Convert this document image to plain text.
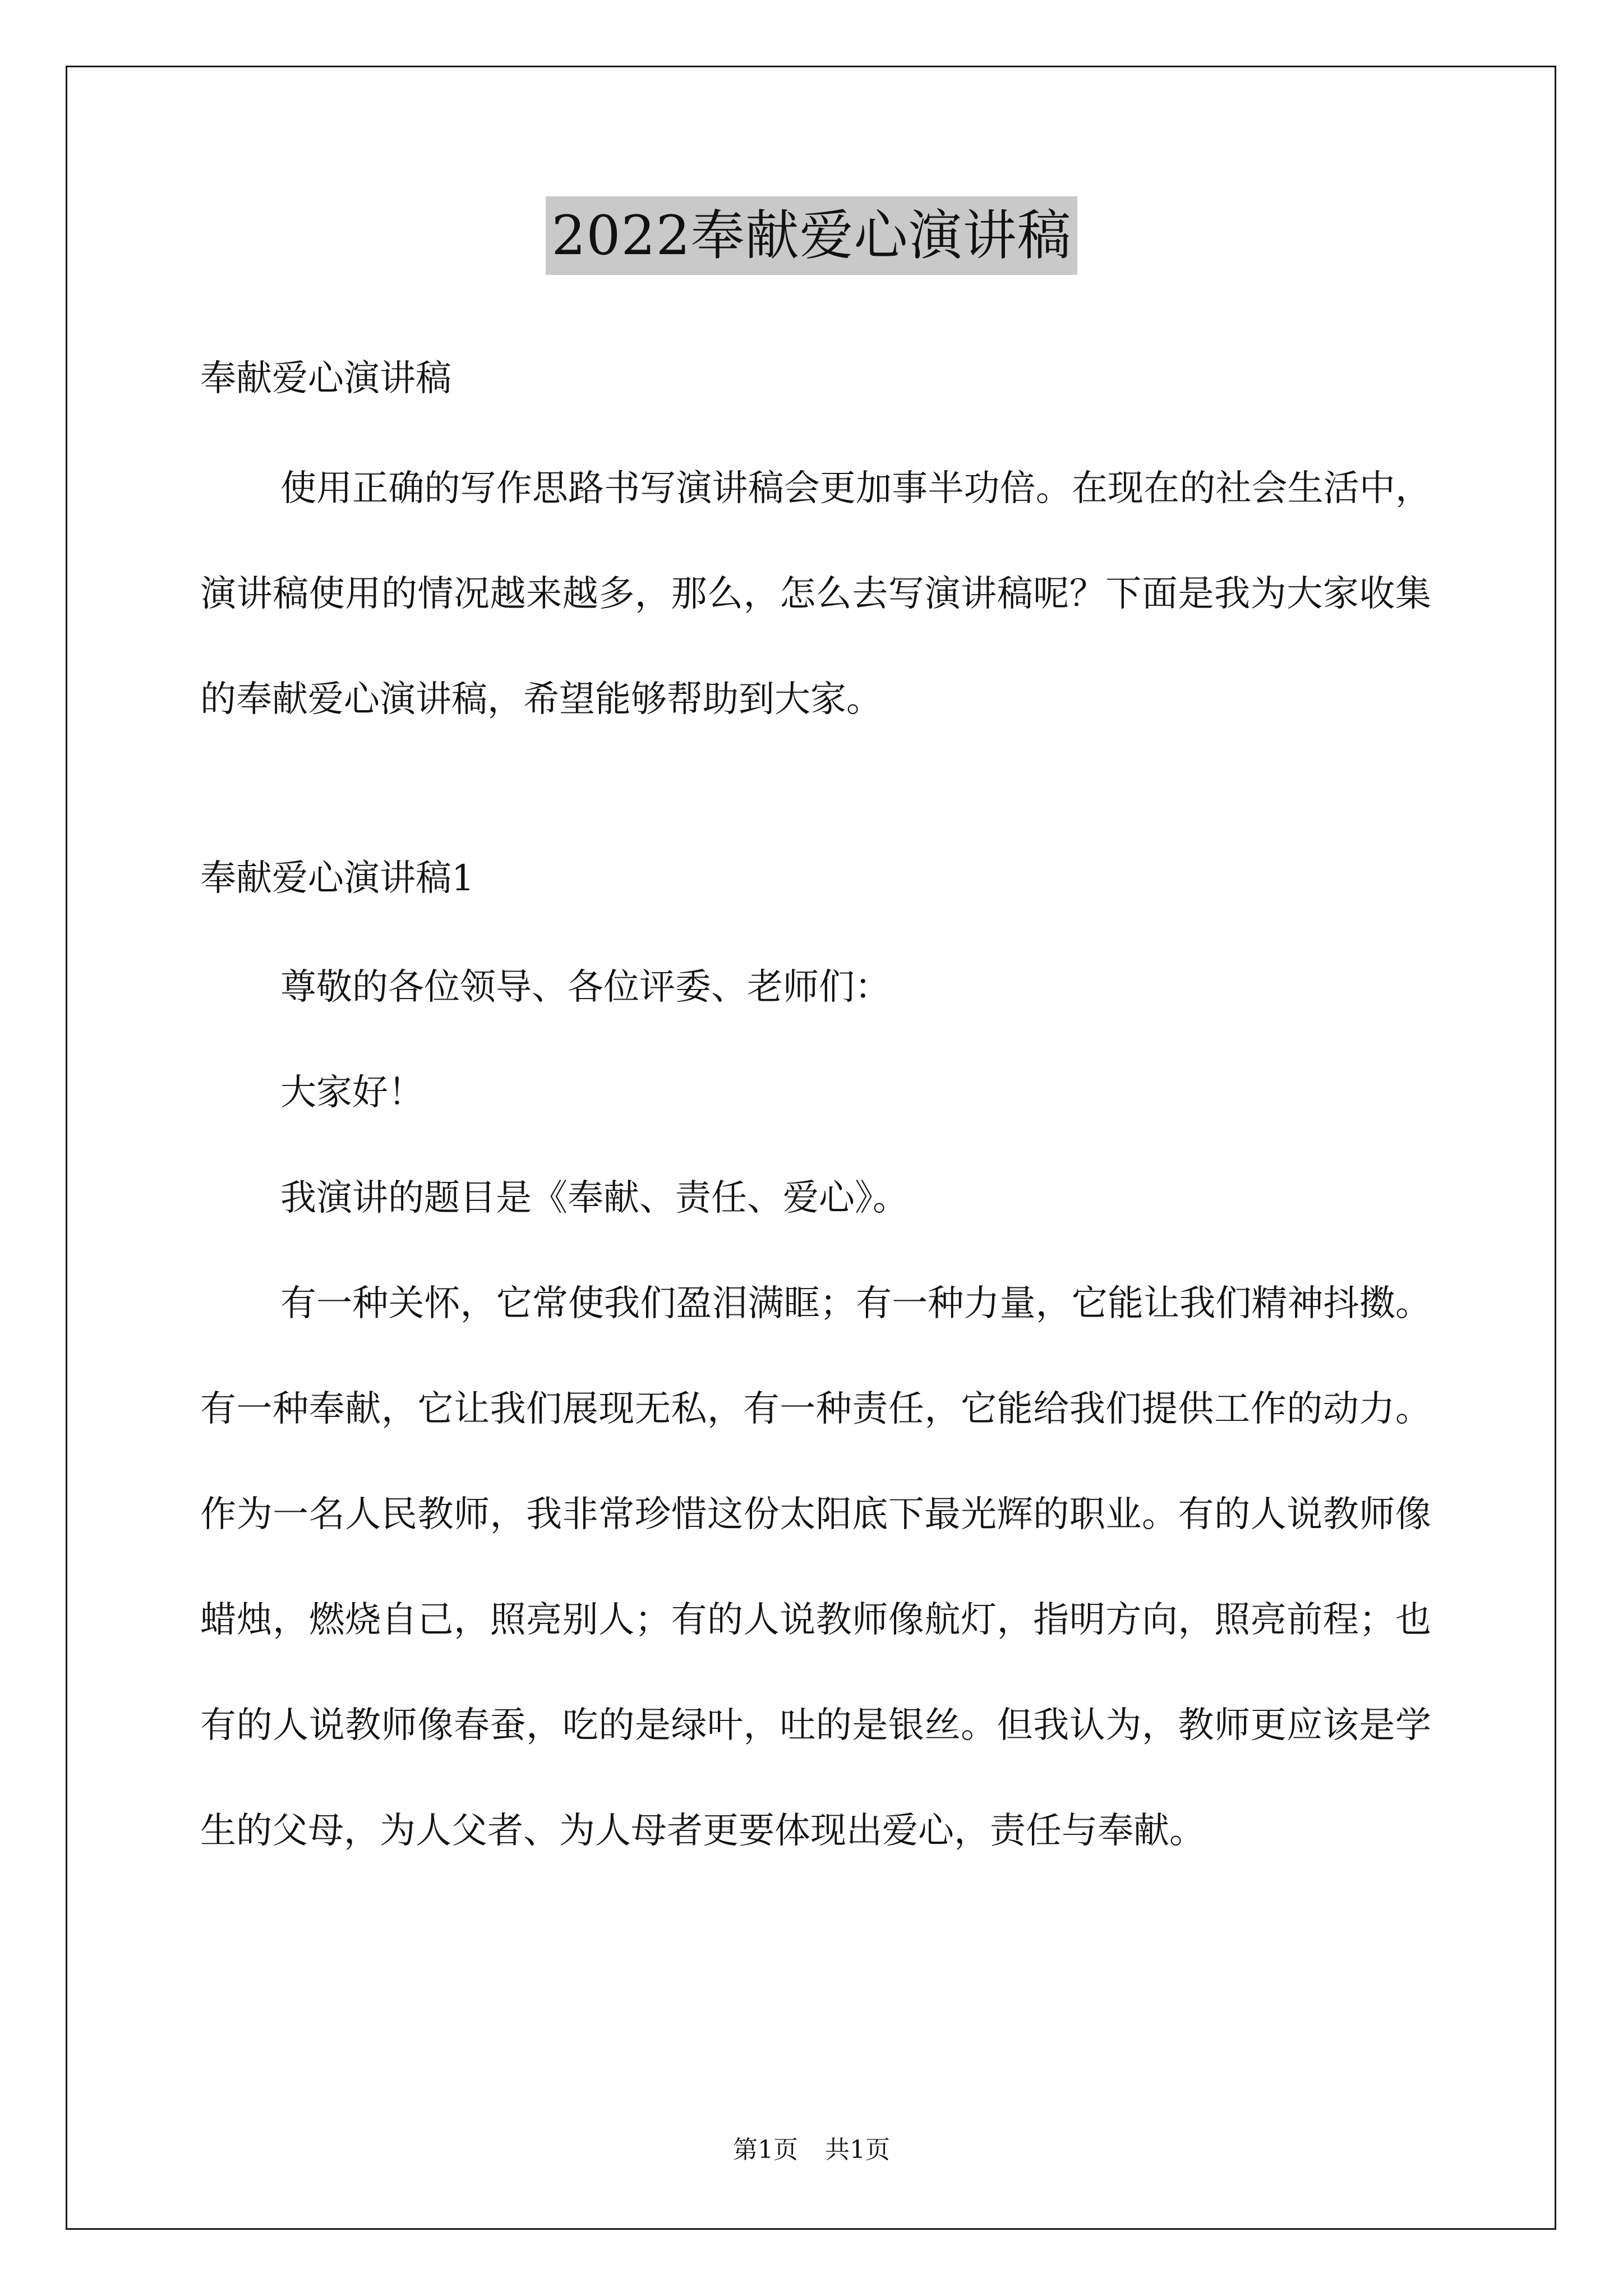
2022奉献爱心演讲稿

奉献爱心演讲稿

使用正确的写作思路书写演讲稿会更加事半功倍。在现在的社会生活中，演讲稿使用的情况越来越多，那么，怎么去写演讲稿呢？下面是我为大家收集的奉献爱心演讲稿，希望能够帮助到大家。

奉献爱心演讲稿1

尊敬的各位领导、各位评委、老师们：

大家好！

我演讲的题目是《奉献、责任、爱心》。

有一种关怀，它常使我们盈泪满眶；有一种力量，它能让我们精神抖擞。有一种奉献，它让我们展现无私，有一种责任，它能给我们提供工作的动力。作为一名人民教师，我非常珍惜这份太阳底下最光辉的职业。有的人说教师像蜡烛，燃烧自己，照亮别人；有的人说教师像航灯，指明方向，照亮前程；也有的人说教师像春蚕，吃的是绿叶，吐的是银丝。但我认为，教师更应该是学生的父母，为人父者、为人母者更要体现出爱心，责任与奉献。

第1页 共1页
